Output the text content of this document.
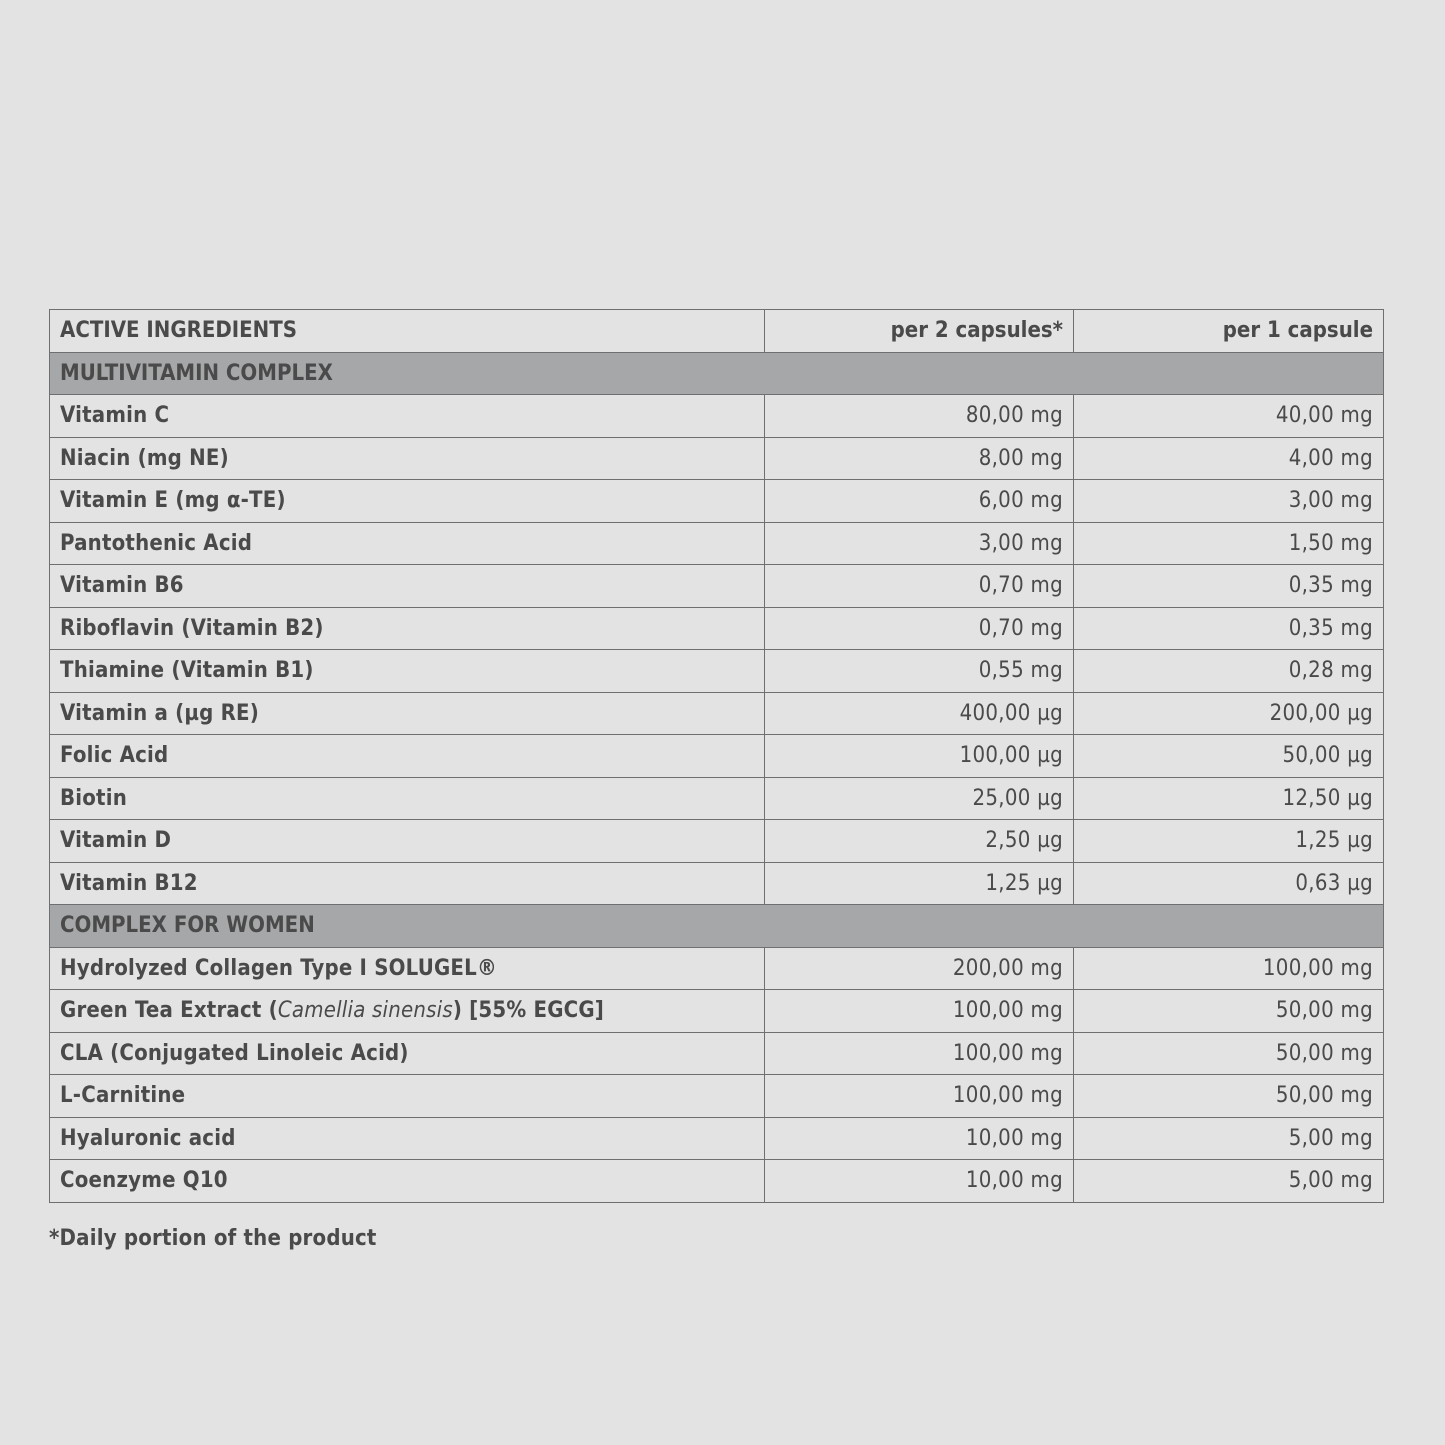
ACTIVE INGREDIENTS	per 2 capsules*	per 1 capsule
MULTIVITAMIN COMPLEX		
Vitamin C	80,00 mg	40,00 mg
Niacin (mg NE)	8,00 mg	4,00 mg
Vitamin E (mg α-TE)	6,00 mg	3,00 mg
Pantothenic Acid	3,00 mg	1,50 mg
Vitamin B6	0,70 mg	0,35 mg
Riboflavin (Vitamin B2)	0,70 mg	0,35 mg
Thiamine (Vitamin B1)	0,55 mg	0,28 mg
Vitamin a (µg RE)	400,00 µg	200,00 µg
Folic Acid	100,00 µg	50,00 µg
Biotin	25,00 µg	12,50 µg
Vitamin D	2,50 µg	1,25 µg
Vitamin B12	1,25 µg	0,63 µg
COMPLEX FOR WOMEN		
Hydrolyzed Collagen Type I SOLUGEL®	200,00 mg	100,00 mg
Green Tea Extract (Camellia sinensis) [55% EGCG]	100,00 mg	50,00 mg
CLA (Conjugated Linoleic Acid)	100,00 mg	50,00 mg
L-Carnitine	100,00 mg	50,00 mg
Hyaluronic acid	10,00 mg	5,00 mg
Coenzyme Q10	10,00 mg	5,00 mg
*Daily portion of the product
